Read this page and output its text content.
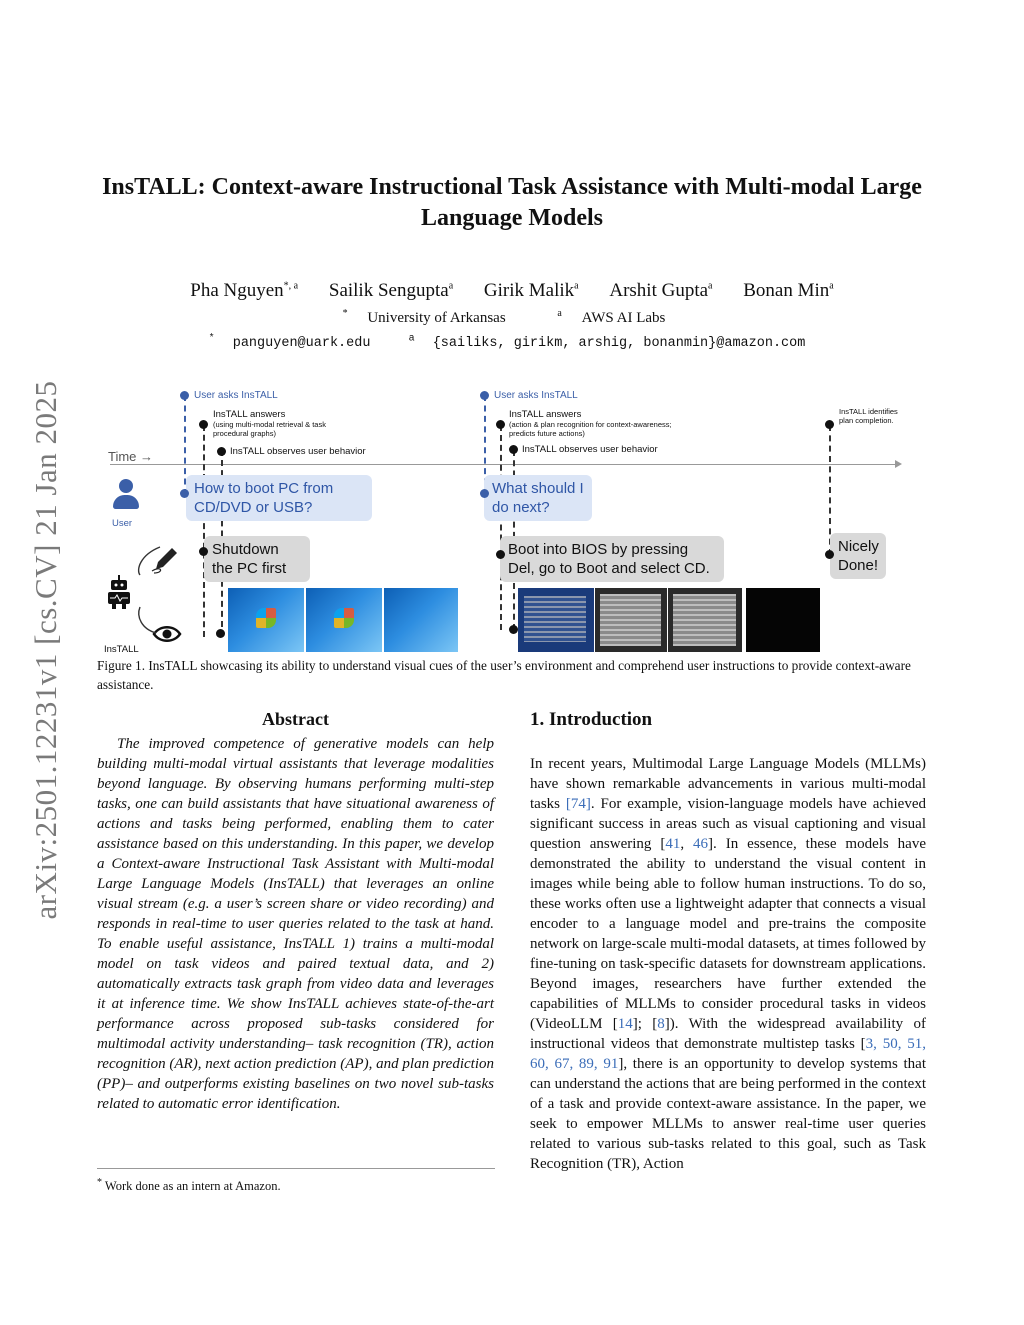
arXiv:2501.12231v1 [cs.CV] 21 Jan 2025
InsTALL: Context-aware Instructional Task Assistance with Multi-modal Large Language Models
Pha Nguyen$^{*, a}$ Sailik Sengupta$^a$ Girik Malik$^a$ Arshit Gupta$^a$ Bonan Min$^a$
* University of Arkansas	$^a$ AWS AI Labs
* panguyen@uark.edu	$^a$ {sailiks, girikm, arshig, bonanmin}@amazon.com
Time →
User asks InsTALL
InsTALL answers
(using multi-modal retrieval & task procedural graphs)
InsTALL observes user behavior
User asks InsTALL
InsTALL answers
(action & plan recognition for context-awareness; predicts future actions)
InsTALL observes user behavior
InsTALL identifies plan completion.
User
How to boot PC from CD/DVD or USB?
Shutdown the PC first
What should I do next?
Boot into BIOS by pressing Del, go to Boot and select CD.
Nicely Done!
InsTALL
Figure 1. InsTALL showcasing its ability to understand visual cues of the user’s environment and comprehend user instructions to provide context-aware assistance.
Abstract
The improved competence of generative models can help building multi-modal virtual assistants that leverage modalities beyond language. By observing humans performing multi-step tasks, one can build assistants that have situational awareness of actions and tasks being performed, enabling them to cater assistance based on this understanding. In this paper, we develop a Context-aware Instructional Task Assistant with Multi-modal Large Language Models (InsTALL) that leverages an online visual stream (e.g. a user’s screen share or video recording) and responds in real-time to user queries related to the task at hand. To enable useful assistance, InsTALL 1) trains a multi-modal model on task videos and paired textual data, and 2) automatically extracts task graph from video data and leverages it at inference time. We show InsTALL achieves state-of-the-art performance across proposed sub-tasks considered for multimodal activity understanding– task recognition (TR), action recognition (AR), next action prediction (AP), and plan prediction (PP)– and outperforms existing baselines on two novel sub-tasks related to automatic error identification.
* Work done as an intern at Amazon.
1. Introduction
In recent years, Multimodal Large Language Models (MLLMs) have shown remarkable advancements in various multi-modal tasks [74]. For example, vision-language models have achieved significant success in areas such as visual captioning and visual question answering [41, 46]. In essence, these models have demonstrated the ability to understand the visual content in images while being able to follow human instructions. To do so, these works often use a lightweight adapter that connects a visual encoder to a language model and pre-trains the composite network on large-scale multi-modal datasets, at times followed by fine-tuning on task-specific datasets for downstream applications. Beyond images, researchers have further extended the capabilities of MLLMs to consider procedural tasks in videos (VideoLLM [14]; [8]). With the widespread availability of instructional videos that demonstrate multistep tasks [3, 50, 51, 60, 67, 89, 91], there is an opportunity to develop systems that can understand the actions that are being performed in the context of a task and provide context-aware assistance. In the paper, we seek to empower MLLMs to answer real-time user queries related to various sub-tasks related to this goal, such as Task Recognition (TR), Action
